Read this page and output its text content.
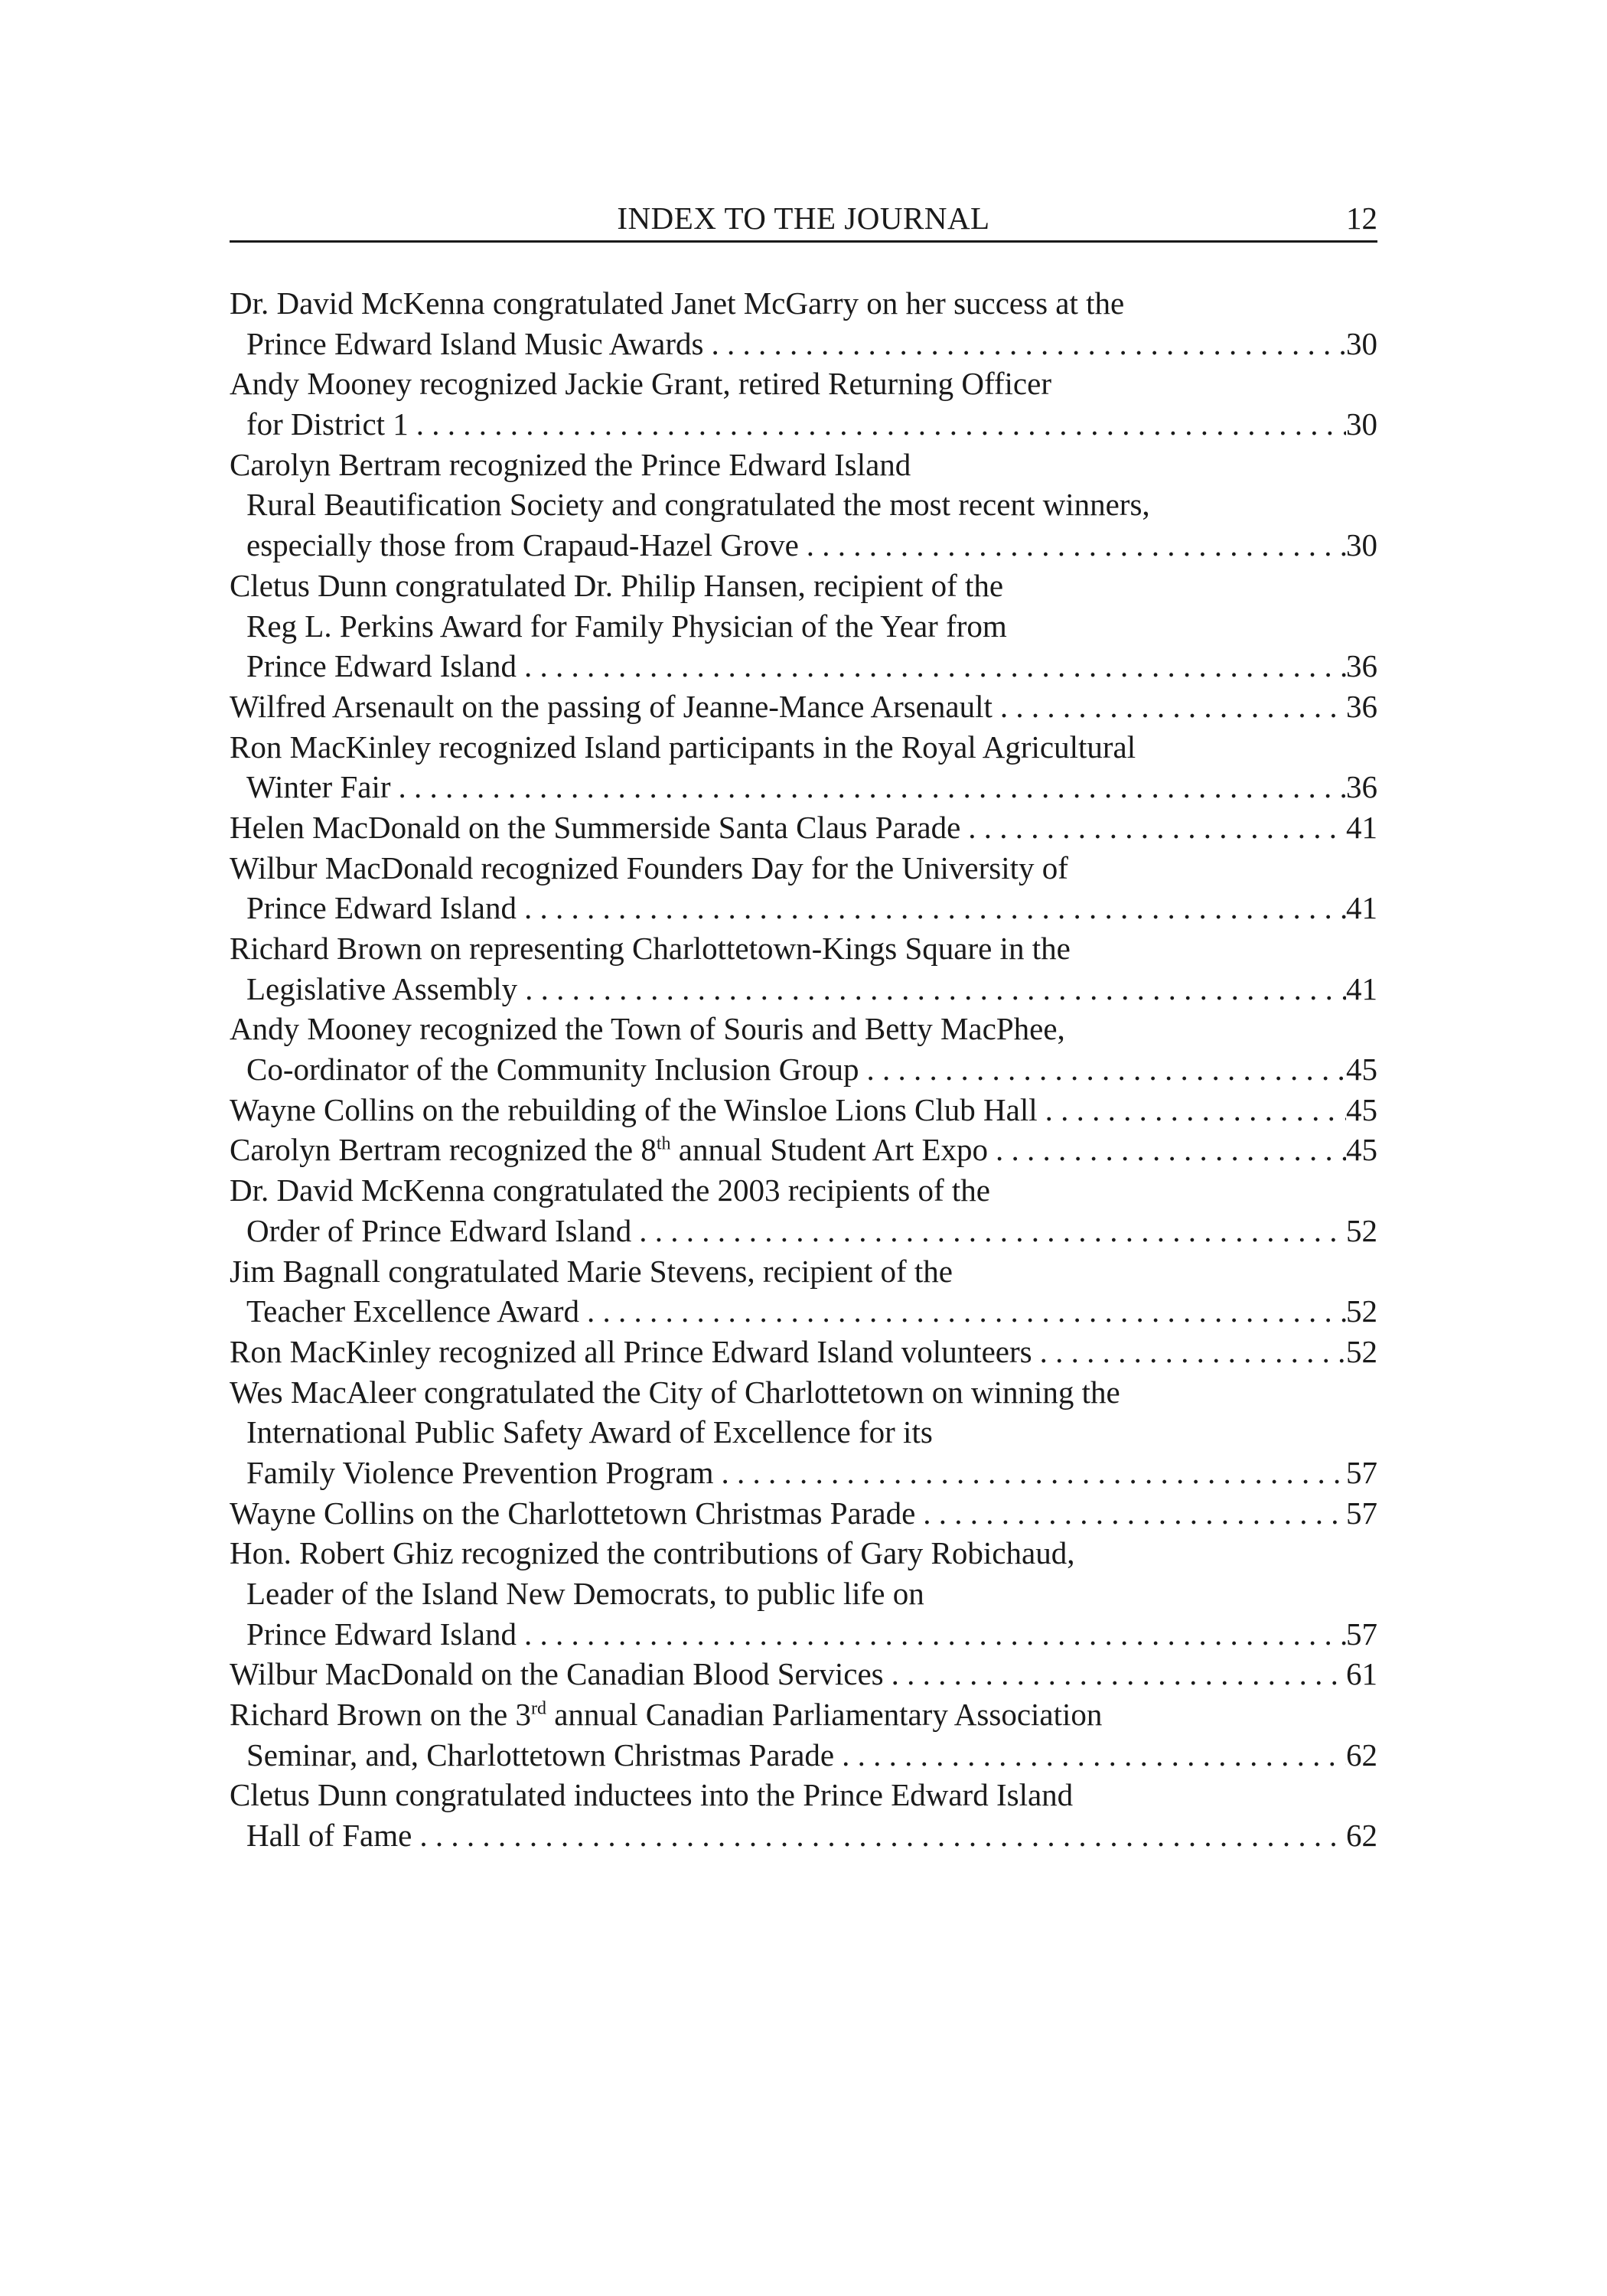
INDEX TO THE JOURNAL	12
Dr. David McKenna congratulated Janet McGarry on her success at the
Prince Edward Island Music Awards . . .	30
Andy Mooney recognized Jackie Grant, retired Returning Officer
for District 1 . . .	30
Carolyn Bertram recognized the Prince Edward Island
Rural Beautification Society and congratulated the most recent winners,
especially those from Crapaud-Hazel Grove . . .	30
Cletus Dunn congratulated Dr. Philip Hansen, recipient of the
Reg L. Perkins Award for Family Physician of the Year from
Prince Edward Island . . .	36
Wilfred Arsenault on the passing of Jeanne-Mance Arsenault . . .	36
Ron MacKinley recognized Island participants in the Royal Agricultural
Winter Fair . . .	36
Helen MacDonald on the Summerside Santa Claus Parade . . .	41
Wilbur MacDonald recognized Founders Day for the University of
Prince Edward Island . . .	41
Richard Brown on representing Charlottetown-Kings Square in the
Legislative Assembly . . .	41
Andy Mooney recognized the Town of Souris and Betty MacPhee,
Co-ordinator of the Community Inclusion Group . . .	45
Wayne Collins on the rebuilding of the Winsloe Lions Club Hall . . .	45
Carolyn Bertram recognized the 8th annual Student Art Expo . . .	45
Dr. David McKenna congratulated the 2003 recipients of the
Order of Prince Edward Island . . .	52
Jim Bagnall congratulated Marie Stevens, recipient of the
Teacher Excellence Award . . .	52
Ron MacKinley recognized all Prince Edward Island volunteers . . .	52
Wes MacAleer congratulated the City of Charlottetown on winning the
International Public Safety Award of Excellence for its
Family Violence Prevention Program . . .	57
Wayne Collins on the Charlottetown Christmas Parade . . .	57
Hon. Robert Ghiz recognized the contributions of Gary Robichaud,
Leader of the Island New Democrats, to public life on
Prince Edward Island . . .	57
Wilbur MacDonald on the Canadian Blood Services . . .	61
Richard Brown on the 3rd annual Canadian Parliamentary Association
Seminar, and, Charlottetown Christmas Parade . . .	62
Cletus Dunn congratulated inductees into the Prince Edward Island
Hall of Fame . . .	62
